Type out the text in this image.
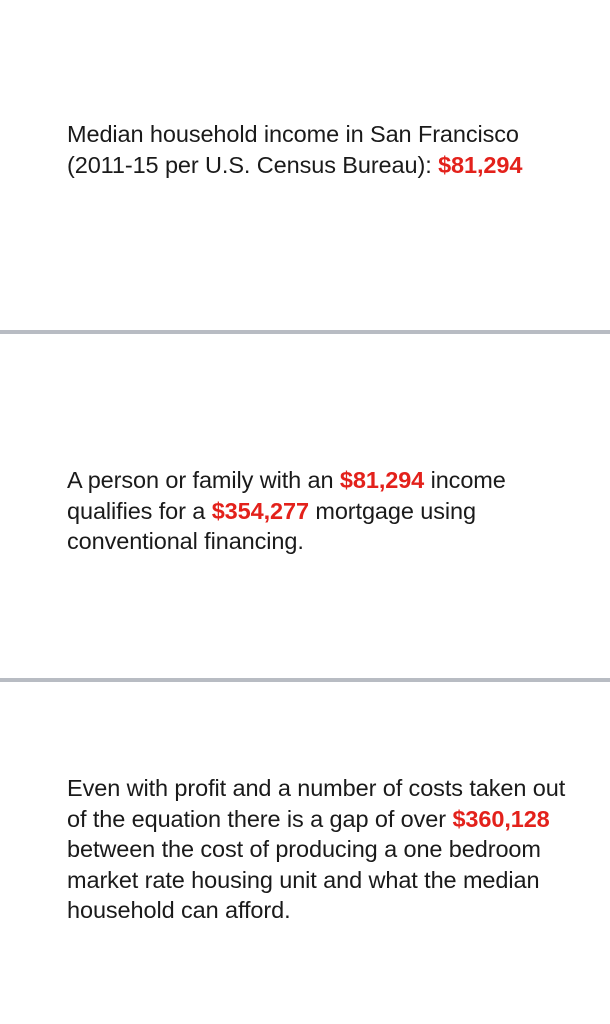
Median household income in San Francisco
(2011-15 per U.S. Census Bureau): $81,294

A person or family with an $81,294 income qualifies for a $354,277 mortgage using conventional financing.

Even with profit and a number of costs taken out of the equation there is a gap of over $360,128 between the cost of producing a one bedroom market rate housing unit and what the median household can afford.
